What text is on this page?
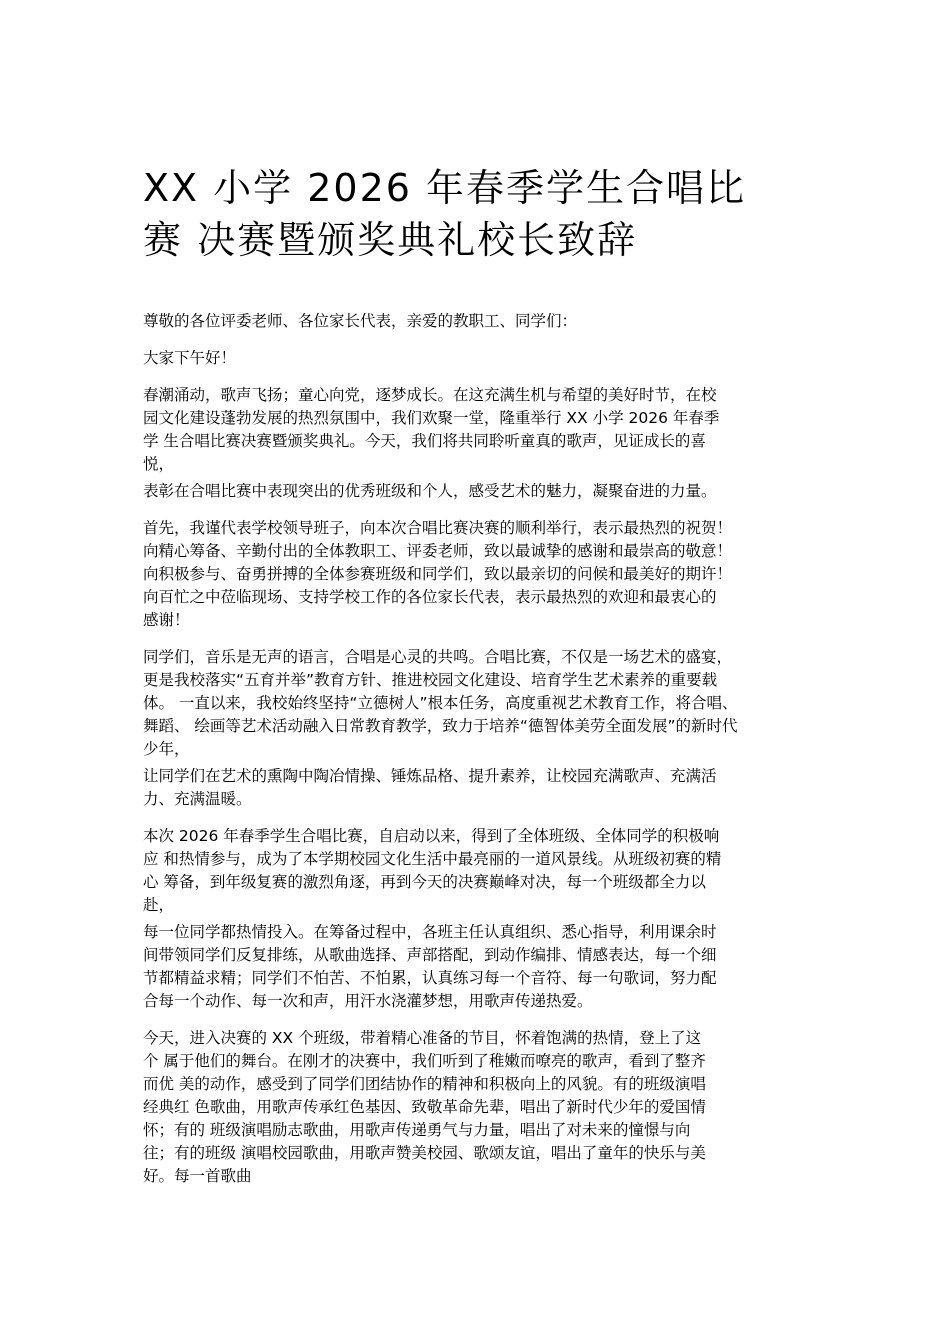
XX 小学 2026 年春季学生合唱比
赛 决赛暨颁奖典礼校长致辞

尊敬的各位评委老师、各位家长代表，亲爱的教职工、同学们：

大家下午好！

春潮涌动，歌声飞扬；童心向党，逐梦成长。在这充满生机与希望的美好时节，在校
园文化建设蓬勃发展的热烈氛围中，我们欢聚一堂，隆重举行 XX 小学 2026 年春季
学 生合唱比赛决赛暨颁奖典礼。今天，我们将共同聆听童真的歌声，见证成长的喜
悦，

表彰在合唱比赛中表现突出的优秀班级和个人，感受艺术的魅力，凝聚奋进的力量。

首先，我谨代表学校领导班子，向本次合唱比赛决赛的顺利举行，表示最热烈的祝贺！
向精心筹备、辛勤付出的全体教职工、评委老师，致以最诚挚的感谢和最崇高的敬意！
向积极参与、奋勇拼搏的全体参赛班级和同学们，致以最亲切的问候和最美好的期许！
向百忙之中莅临现场、支持学校工作的各位家长代表，表示最热烈的欢迎和最衷心的
感谢！

同学们，音乐是无声的语言，合唱是心灵的共鸣。合唱比赛，不仅是一场艺术的盛宴，
更是我校落实“五育并举”教育方针、推进校园文化建设、培育学生艺术素养的重要载
体。 一直以来，我校始终坚持“立德树人”根本任务，高度重视艺术教育工作，将合唱、
舞蹈、 绘画等艺术活动融入日常教育教学，致力于培养“德智体美劳全面发展”的新时代
少年，

让同学们在艺术的熏陶中陶冶情操、锤炼品格、提升素养，让校园充满歌声、充满活
力、充满温暖。

本次 2026 年春季学生合唱比赛，自启动以来，得到了全体班级、全体同学的积极响
应 和热情参与，成为了本学期校园文化生活中最亮丽的一道风景线。从班级初赛的精
心 筹备，到年级复赛的激烈角逐，再到今天的决赛巅峰对决，每一个班级都全力以
赴，

每一位同学都热情投入。在筹备过程中，各班主任认真组织、悉心指导，利用课余时
间带领同学们反复排练，从歌曲选择、声部搭配，到动作编排、情感表达，每一个细
节都精益求精；同学们不怕苦、不怕累，认真练习每一个音符、每一句歌词，努力配
合每一个动作、每一次和声，用汗水浇灌梦想，用歌声传递热爱。

今天，进入决赛的 XX 个班级，带着精心准备的节目，怀着饱满的热情，登上了这
个 属于他们的舞台。在刚才的决赛中，我们听到了稚嫩而嘹亮的歌声，看到了整齐
而优 美的动作，感受到了同学们团结协作的精神和积极向上的风貌。有的班级演唱
经典红 色歌曲，用歌声传承红色基因、致敬革命先辈，唱出了新时代少年的爱国情
怀；有的 班级演唱励志歌曲，用歌声传递勇气与力量，唱出了对未来的憧憬与向
往；有的班级 演唱校园歌曲，用歌声赞美校园、歌颂友谊，唱出了童年的快乐与美
好。每一首歌曲
